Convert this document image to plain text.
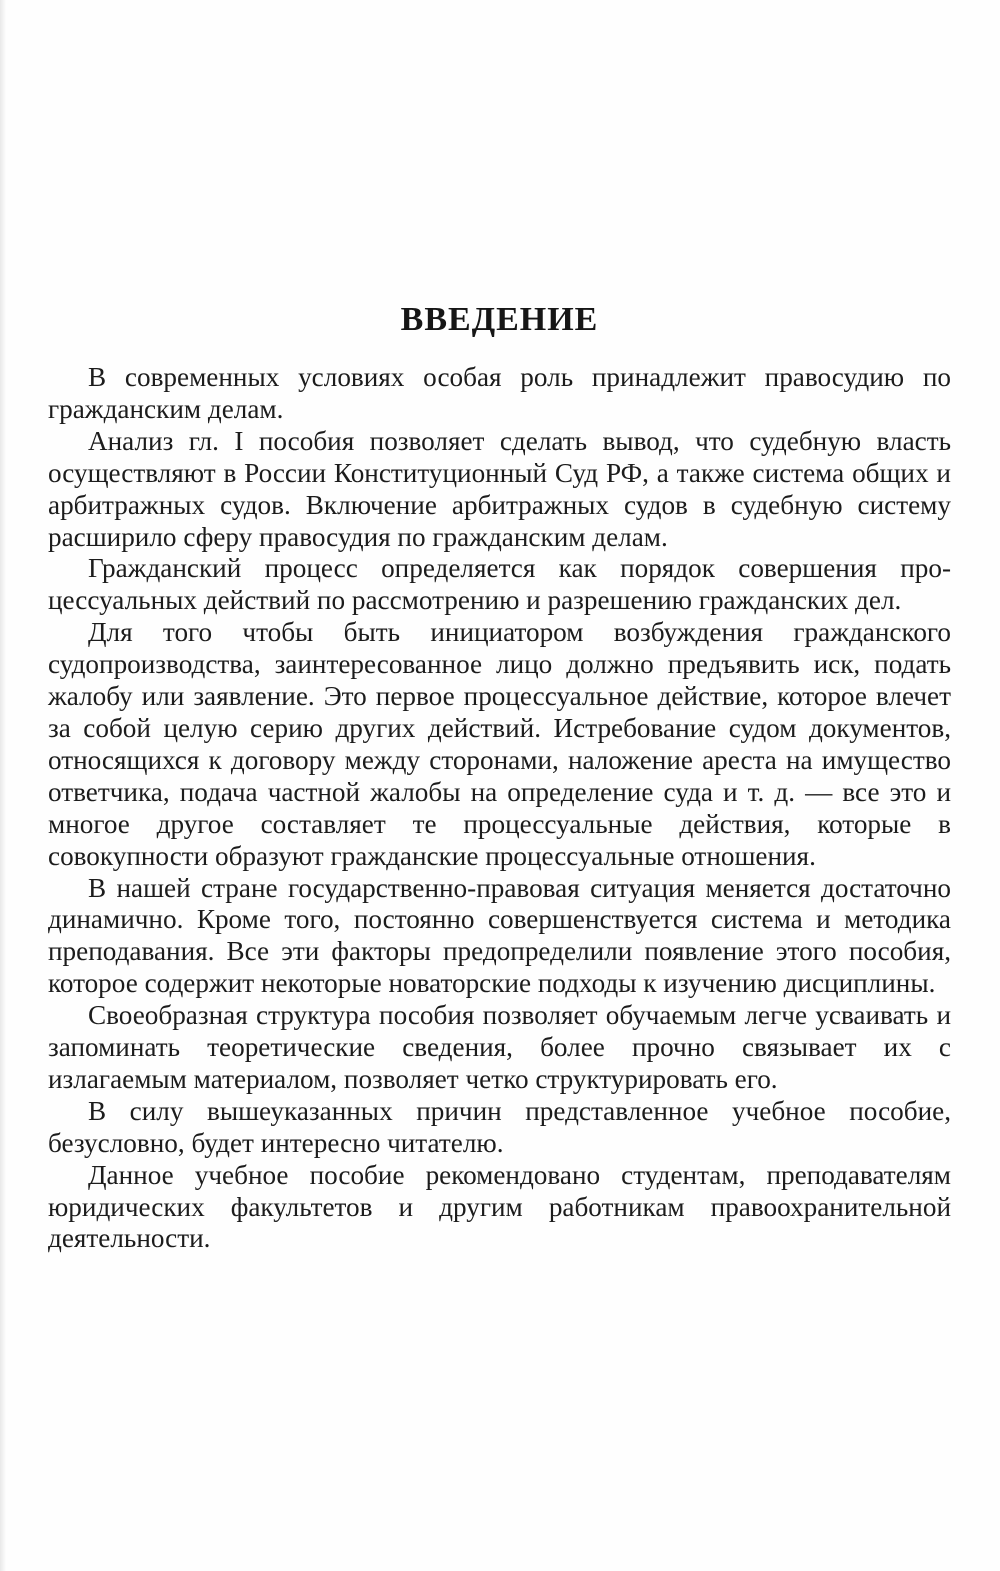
ВВЕДЕНИЕ

В современных условиях особая роль принадлежит правосудию по гражданским делам.

Анализ гл. I пособия позволяет сделать вывод, что судебную власть осуществляют в России Конституционный Суд РФ, а также система общих и арбитражных судов. Включение арбитражных судов в судебную систему расширило сферу правосудия по гражданским делам.

Гражданский процесс определяется как порядок совершения процессуальных действий по рассмотрению и разрешению гражданских дел.

Для того чтобы быть инициатором возбуждения гражданского судопроизводства, заинтересованное лицо должно предъявить иск, подать жалобу или заявление. Это первое процессуальное действие, которое влечет за собой целую серию других действий. Истребование судом документов, относящихся к договору между сторонами, наложение ареста на имущество ответчика, подача частной жалобы на определение суда и т. д. — все это и многое другое составляет те процессуальные действия, которые в совокупности образуют гражданские процессуальные отношения.

В нашей стране государственно-правовая ситуация меняется достаточно динамично. Кроме того, постоянно совершенствуется система и методика преподавания. Все эти факторы предопределили появление этого пособия, которое содержит некоторые новаторские подходы к изучению дисциплины.

Своеобразная структура пособия позволяет обучаемым легче усваивать и запоминать теоретические сведения, более прочно связывает их с излагаемым материалом, позволяет четко структурировать его.

В силу вышеуказанных причин представленное учебное пособие, безусловно, будет интересно читателю.

Данное учебное пособие рекомендовано студентам, преподавателям юридических факультетов и другим работникам правоохранительной деятельности.
